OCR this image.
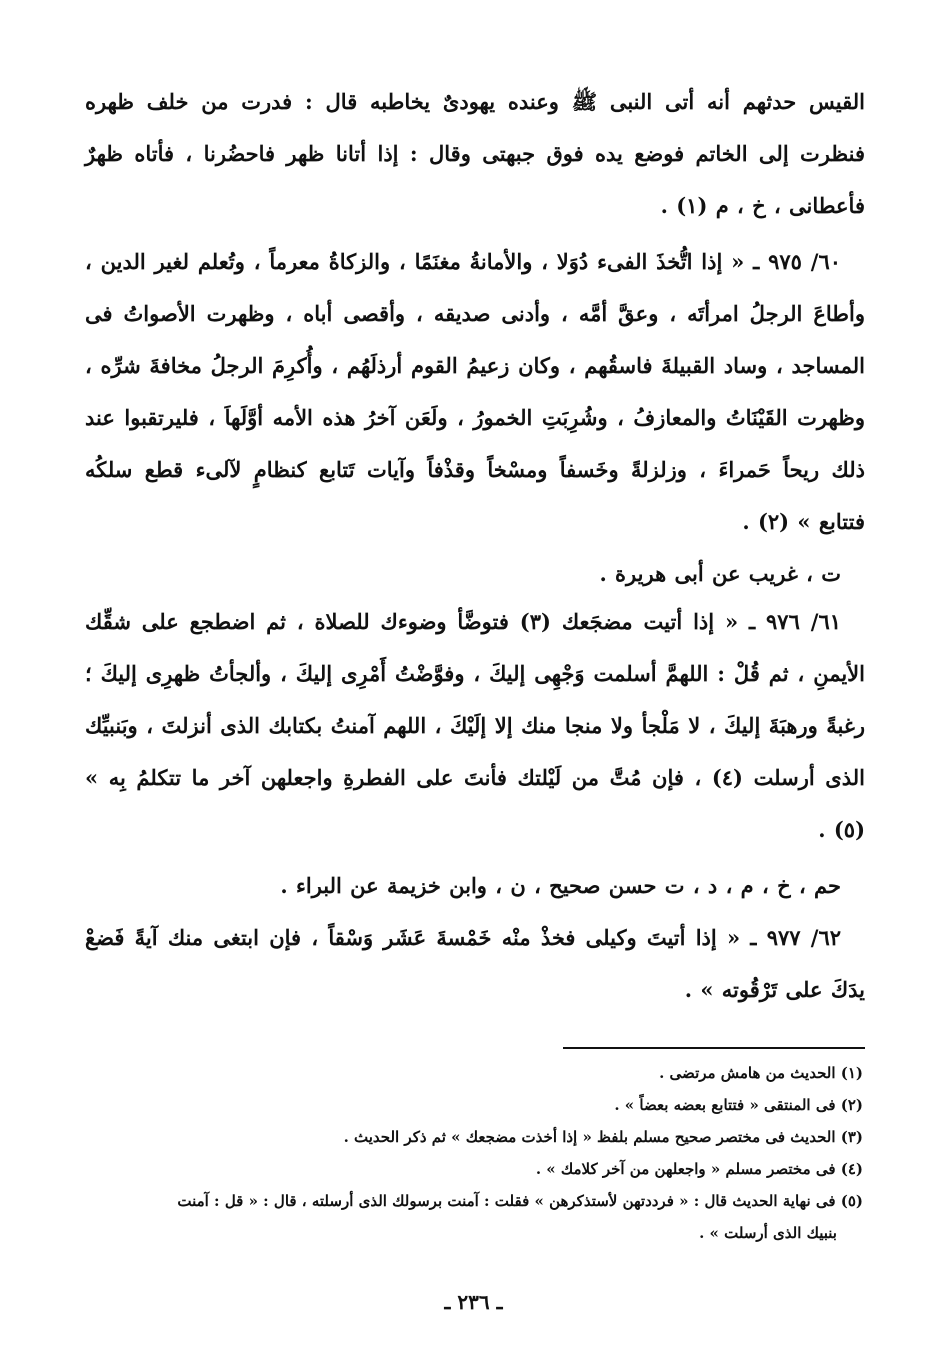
القيس حدثهم أنه أتى النبى ﷺ وعنده يهودىٌ يخاطبه قال : فدرت من خلف ظهره فنظرت إلى الخاتم فوضع يده فوق جبهتى وقال : إذا أتانا ظهر فاحضُرنا ، فأتاه ظهرٌ فأعطانى ، خ ، م (١) .

٦٠/ ٩٧٥ ـ « إذا اتُّخذَ الفىء دُوَلا ، والأمانةُ مغنَمًا ، والزكاةُ معرماً ، وتُعلم لغير الدين ، وأطاعَ الرجلُ امرأتَه ، وعقَّ أمَّه ، وأدنى صديقه ، وأقصى أباه ، وظهرت الأصواتُ فى المساجد ، وساد القبيلةَ فاسقُهم ، وكان زعيمُ القوم أرذلَهُم ، وأُكرِمَ الرجلُ مخافةَ شرِّه ، وظهرت القَيْنَاتُ والمعازفُ ، وشُرِبَتِ الخمورُ ، ولَعَن آخرُ هذه الأمه أوَّلَهاَ ، فليرتقبوا عند ذلك ريحاً حَمراءَ ، وزلزلةً وخَسفاً ومسْخاً وقذْفاً وآيات تَتابع كنظامٍ لآلىء قطع سلكُه فتتابع » (٢) .

ت ، غريب عن أبى هريرة .

٦١/ ٩٧٦ ـ « إذا أتيت مضجَعك (٣) فتوضَّأ وضوءك للصلاة ، ثم اضطجع على شقِّك الأيمنِ ، ثم قُلْ : اللهمَّ أسلمت وَجْهِى إليكَ ، وفوَّضْتُ أَمْرِى إليكَ ، وألجأتُ ظهرِى إليكَ ؛ رغبةً ورهبَةَ إليكَ ، لا مَلْجأ ولا منجا منك إلا إلَيْكَ ، اللهم آمنتُ بكتابك الذى أنزلتَ ، وبَنبيِّك الذى أرسلت (٤) ، فإن مُتَّ من لَيْلتك فأنتَ على الفطرةِ واجعلهن آخر ما تتكلمُ بِه » (٥) .

حم ، خ ، م ، د ، ت حسن صحيح ، ن ، وابن خزيمة عن البراء .

٦٢/ ٩٧٧ ـ « إذا أتيتَ وكيلى فخذْ منْه خَمْسةَ عَشَر وَسْقاً ، فإن ابتغى منك آيةً فَضعْ يدَكَ على تَرْقُوته » .

(١) الحديث من هامش مرتضى .

(٢) فى المنتقى « فتتابع بعضه بعضاً » .

(٣) الحديث فى مختصر صحيح مسلم بلفظ « إذا أخذت مضجعك » ثم ذكر الحديث .

(٤) فى مختصر مسلم « واجعلهن من آخر كلامك » .

(٥) فى نهاية الحديث قال : « فرددتهن لأستذكرهن » فقلت : آمنت برسولك الذى أرسلته ، قال : « قل : آمنت

بنبيك الذى أرسلت » .

ـ ٢٣٦ ـ
